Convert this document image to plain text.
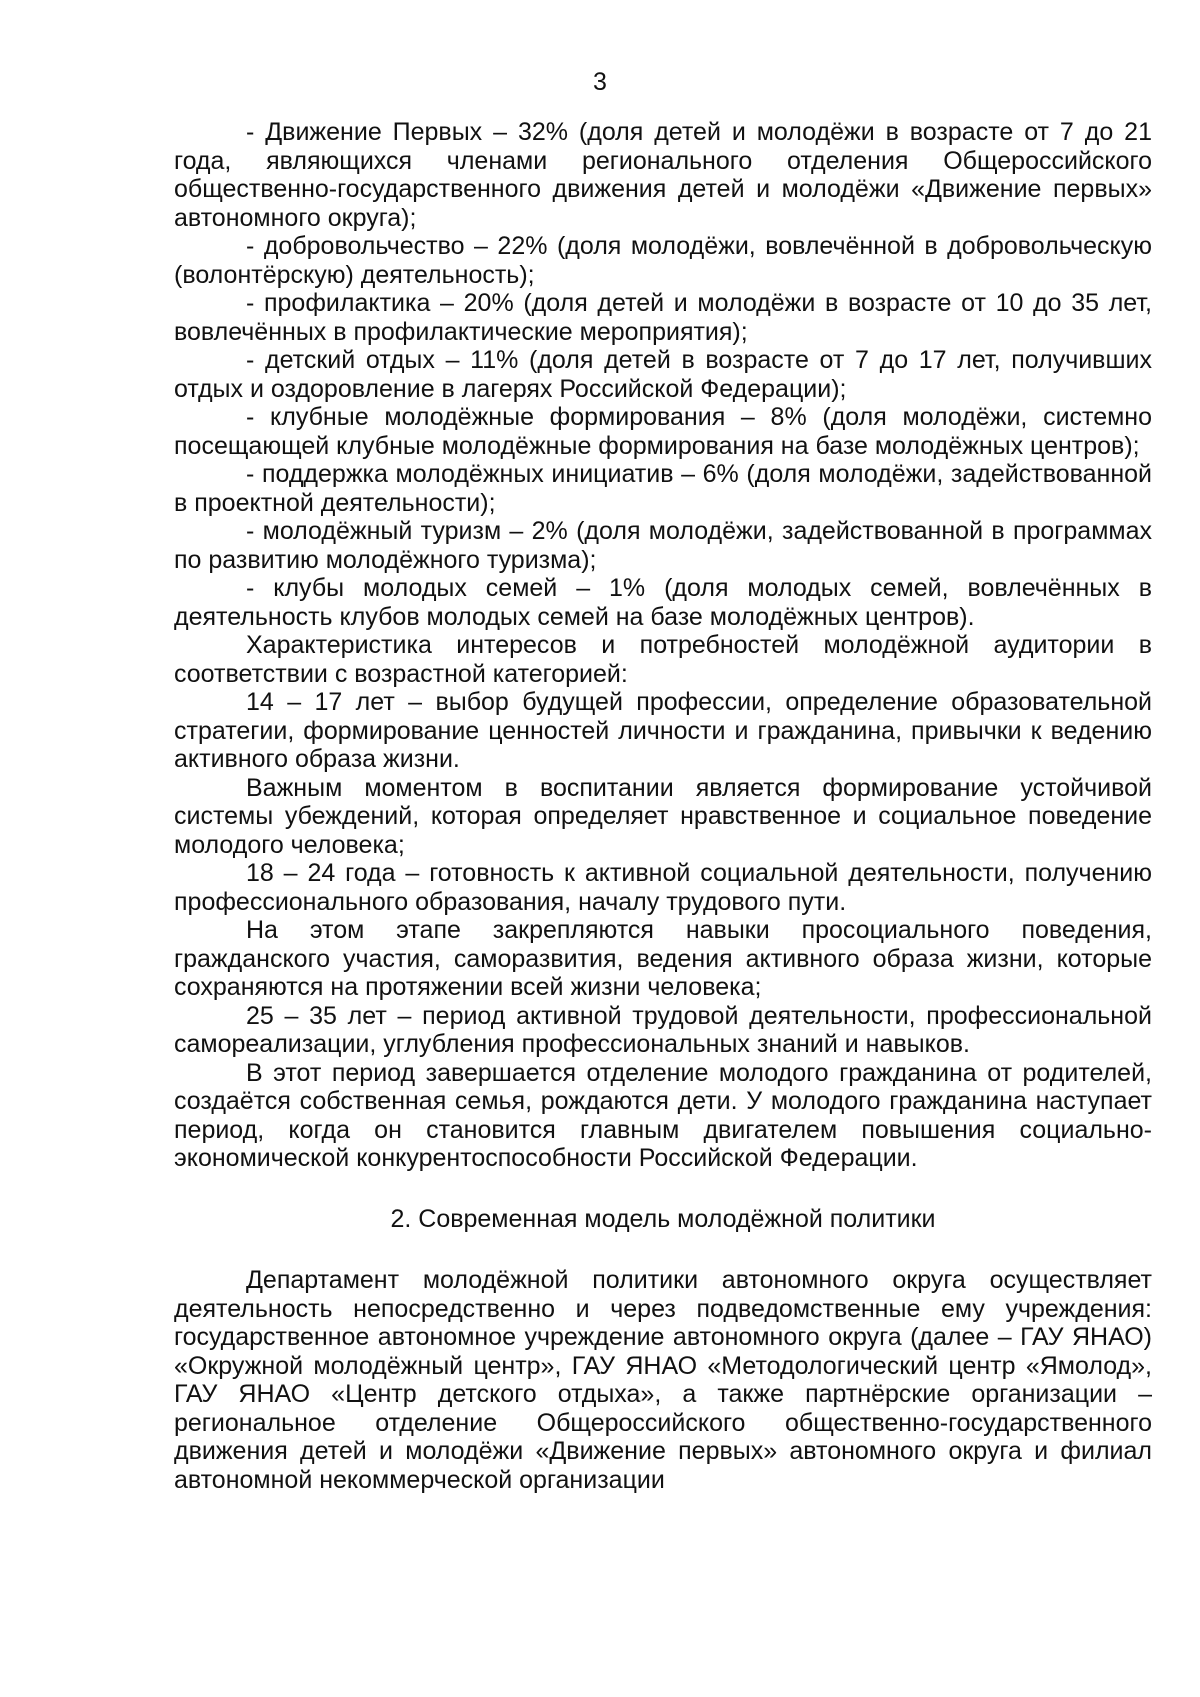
3

- Движение Первых – 32% (доля детей и молодёжи в возрасте от 7 до 21 года, являющихся членами регионального отделения Общероссийского общественно-государственного движения детей и молодёжи «Движение первых» автономного округа);

- добровольчество – 22% (доля молодёжи, вовлечённой в добровольческую (волонтёрскую) деятельность);

- профилактика – 20% (доля детей и молодёжи в возрасте от 10 до 35 лет, вовлечённых в профилактические мероприятия);

- детский отдых – 11% (доля детей в возрасте от 7 до 17 лет, получивших отдых и оздоровление в лагерях Российской Федерации);

- клубные молодёжные формирования – 8% (доля молодёжи, системно посещающей клубные молодёжные формирования на базе молодёжных центров);

- поддержка молодёжных инициатив – 6% (доля молодёжи, задействованной в проектной деятельности);

- молодёжный туризм – 2% (доля молодёжи, задействованной в программах по развитию молодёжного туризма);

- клубы молодых семей – 1% (доля молодых семей, вовлечённых в деятельность клубов молодых семей на базе молодёжных центров).

Характеристика интересов и потребностей молодёжной аудитории в соответствии с возрастной категорией:

14 – 17 лет – выбор будущей профессии, определение образовательной стратегии, формирование ценностей личности и гражданина, привычки к ведению активного образа жизни.

Важным моментом в воспитании является формирование устойчивой системы убеждений, которая определяет нравственное и социальное поведение молодого человека;

18 – 24 года – готовность к активной социальной деятельности, получению профессионального образования, началу трудового пути.

На этом этапе закрепляются навыки просоциального поведения, гражданского участия, саморазвития, ведения активного образа жизни, которые сохраняются на протяжении всей жизни человека;

25 – 35 лет – период активной трудовой деятельности, профессиональной самореализации, углубления профессиональных знаний и навыков.

В этот период завершается отделение молодого гражданина от родителей, создаётся собственная семья, рождаются дети. У молодого гражданина наступает период, когда он становится главным двигателем повышения социально-экономической конкурентоспособности Российской Федерации.

2. Современная модель молодёжной политики

Департамент молодёжной политики автономного округа осуществляет деятельность непосредственно и через подведомственные ему учреждения: государственное автономное учреждение автономного округа (далее – ГАУ ЯНАО) «Окружной молодёжный центр», ГАУ ЯНАО «Методологический центр «Ямолод», ГАУ ЯНАО «Центр детского отдыха», а также партнёрские организации – региональное отделение Общероссийского общественно-государственного движения детей и молодёжи «Движение первых» автономного округа и филиал автономной некоммерческой организации
